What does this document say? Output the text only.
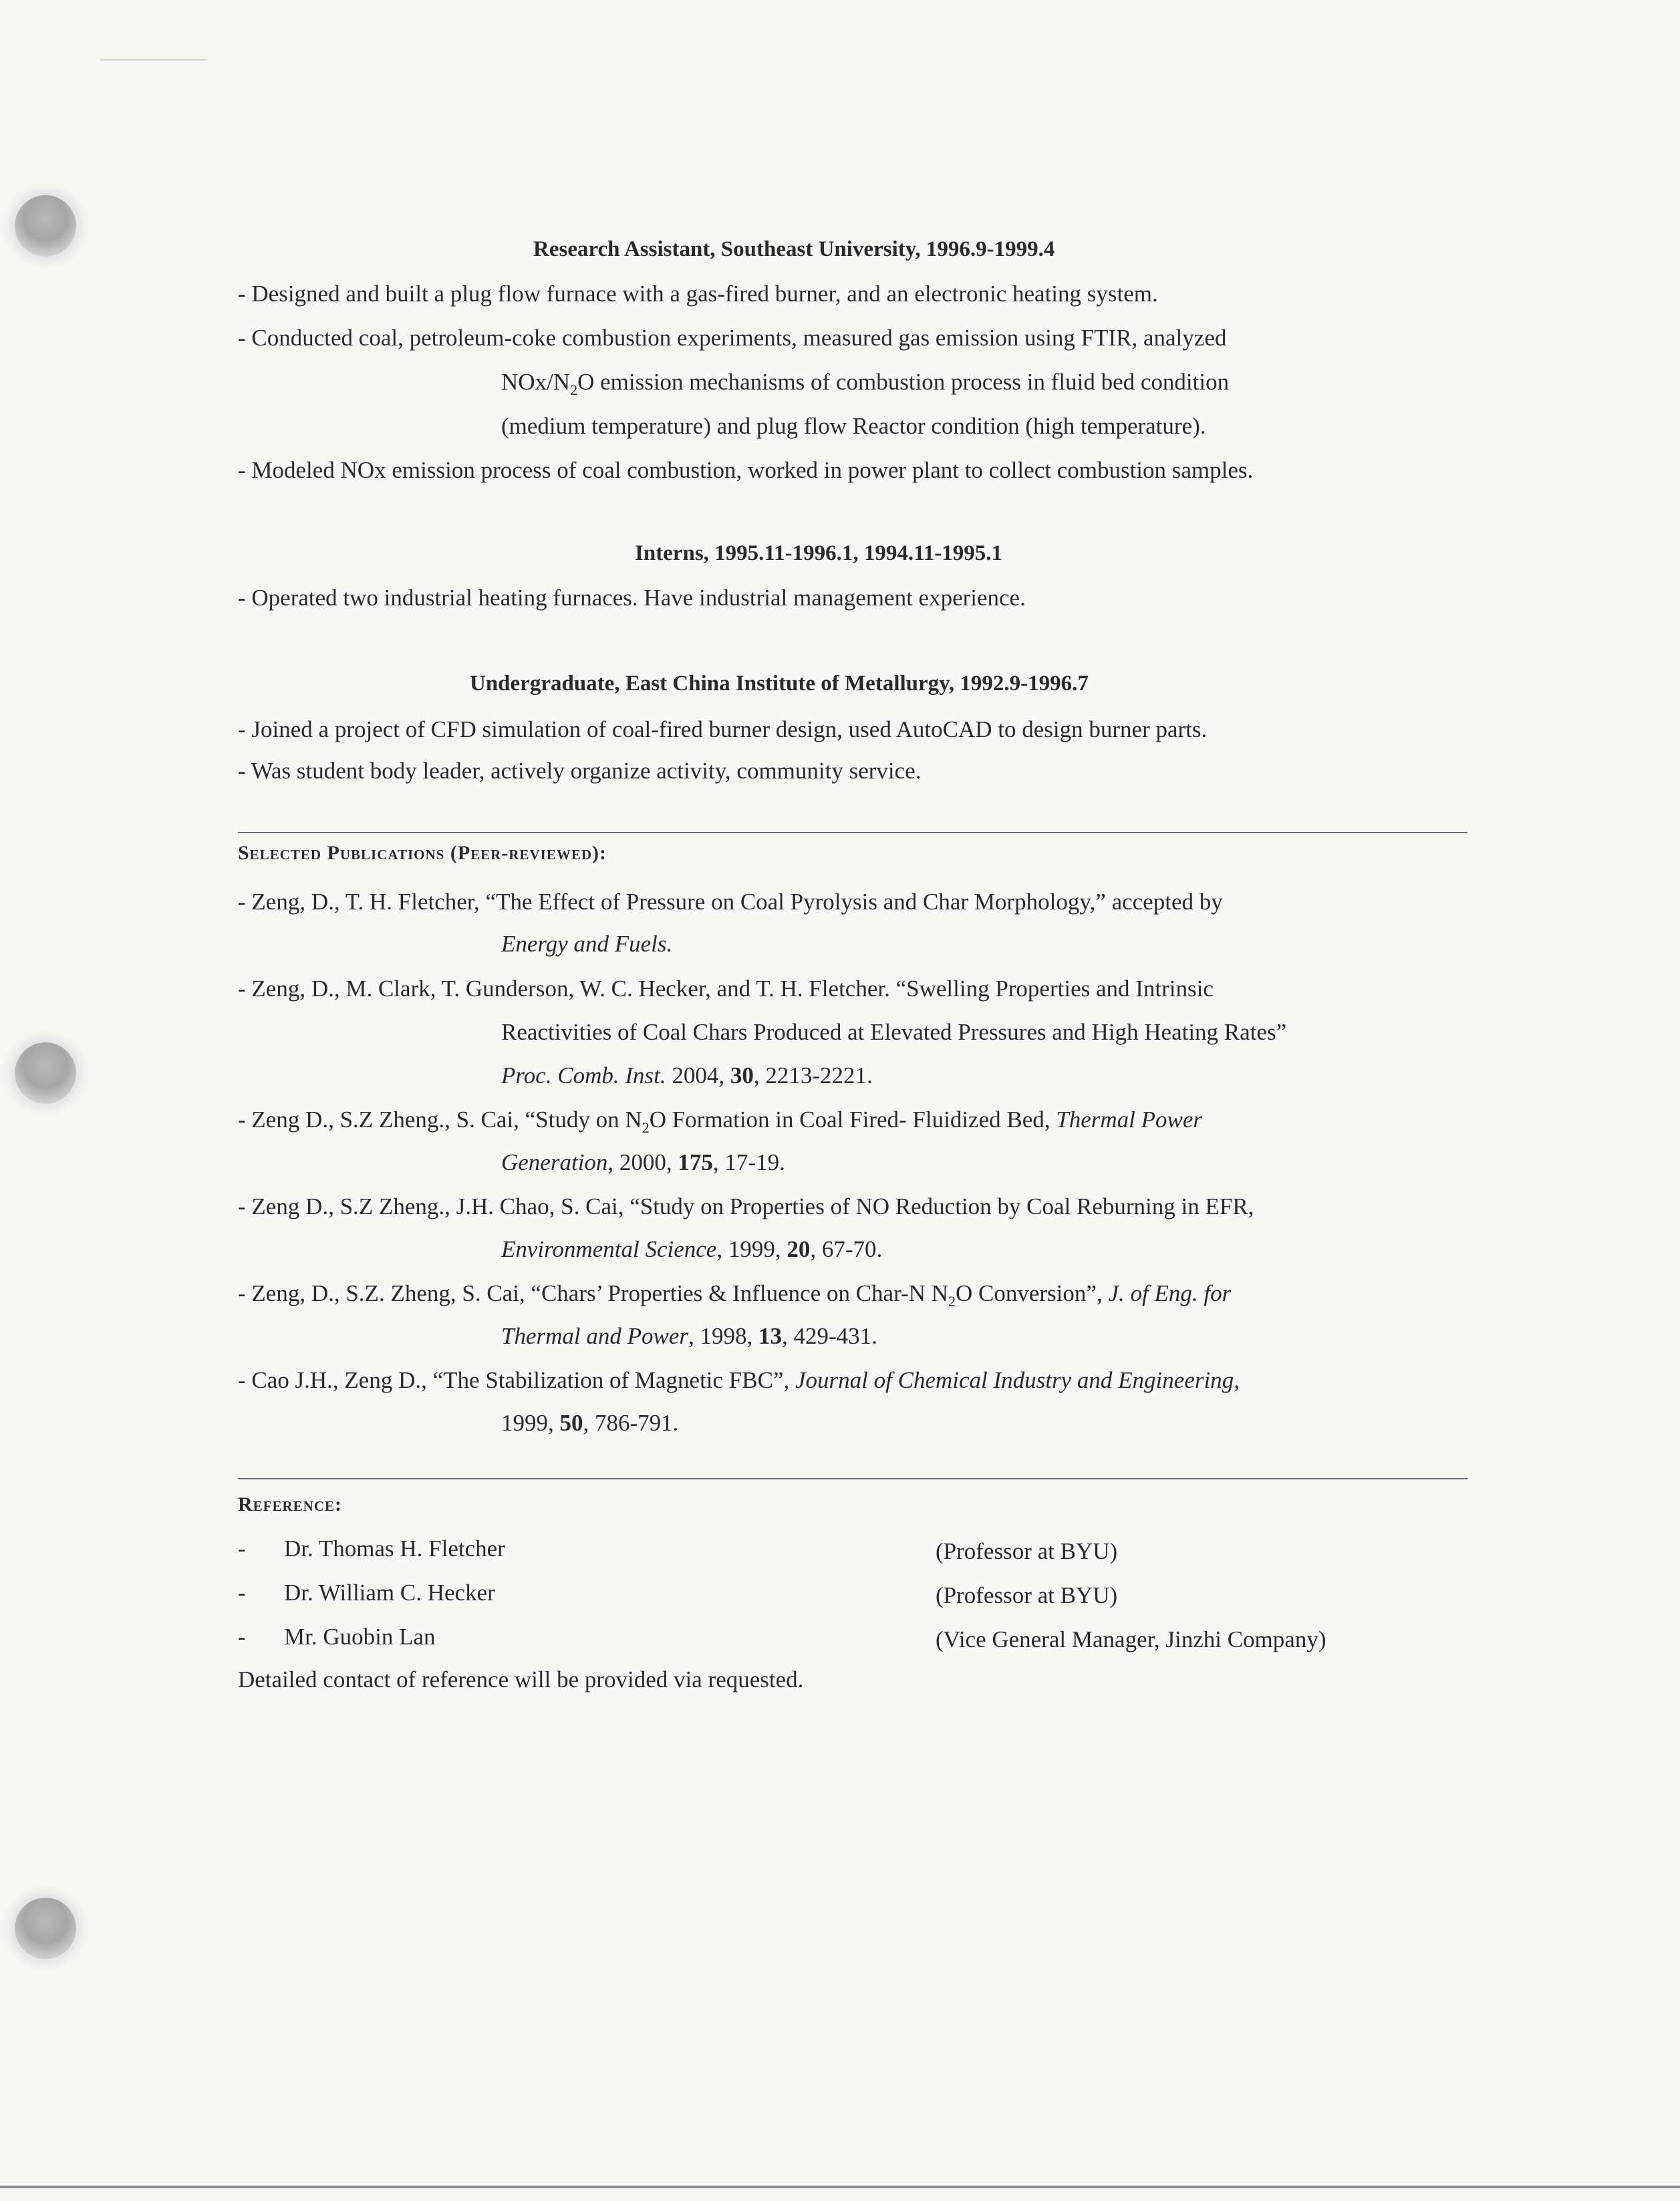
Research Assistant, Southeast University, 1996.9-1999.4
- Designed and built a plug flow furnace with a gas-fired burner, and an electronic heating system.
- Conducted coal, petroleum-coke combustion experiments, measured gas emission using FTIR, analyzed
NOx/$N_2O$ emission mechanisms of combustion process in fluid bed condition
(medium temperature) and plug flow Reactor condition (high temperature).
- Modeled NOx emission process of coal combustion, worked in power plant to collect combustion samples.
Interns, 1995.11-1996.1, 1994.11-1995.1
- Operated two industrial heating furnaces. Have industrial management experience.
Undergraduate, East China Institute of Metallurgy, 1992.9-1996.7
- Joined a project of CFD simulation of coal-fired burner design, used AutoCAD to design burner parts.
- Was student body leader, actively organize activity, community service.
Selected Publications (Peer-reviewed):
- Zeng, D., T. H. Fletcher, “The Effect of Pressure on Coal Pyrolysis and Char Morphology,” accepted by
Energy and Fuels.
- Zeng, D., M. Clark, T. Gunderson, W. C. Hecker, and T. H. Fletcher. “Swelling Properties and Intrinsic
Reactivities of Coal Chars Produced at Elevated Pressures and High Heating Rates”
Proc. Comb. Inst. 2004, 30, 2213-2221.
- Zeng D., S.Z Zheng., S. Cai, “Study on $N_2O$ Formation in Coal Fired- Fluidized Bed, Thermal Power
Generation, 2000, 175, 17-19.
- Zeng D., S.Z Zheng., J.H. Chao, S. Cai, “Study on Properties of NO Reduction by Coal Reburning in EFR,
Environmental Science, 1999, 20, 67-70.
- Zeng, D., S.Z. Zheng, S. Cai, “Chars’ Properties & Influence on Char-N $N_2O$ Conversion”, J. of Eng. for
Thermal and Power, 1998, 13, 429-431.
- Cao J.H., Zeng D., “The Stabilization of Magnetic FBC”, Journal of Chemical Industry and Engineering,
1999, 50, 786-791.
Reference:
- Dr. Thomas H. Fletcher	(Professor at BYU)
- Dr. William C. Hecker	(Professor at BYU)
- Mr. Guobin Lan	(Vice General Manager, Jinzhi Company)
Detailed contact of reference will be provided via requested.
